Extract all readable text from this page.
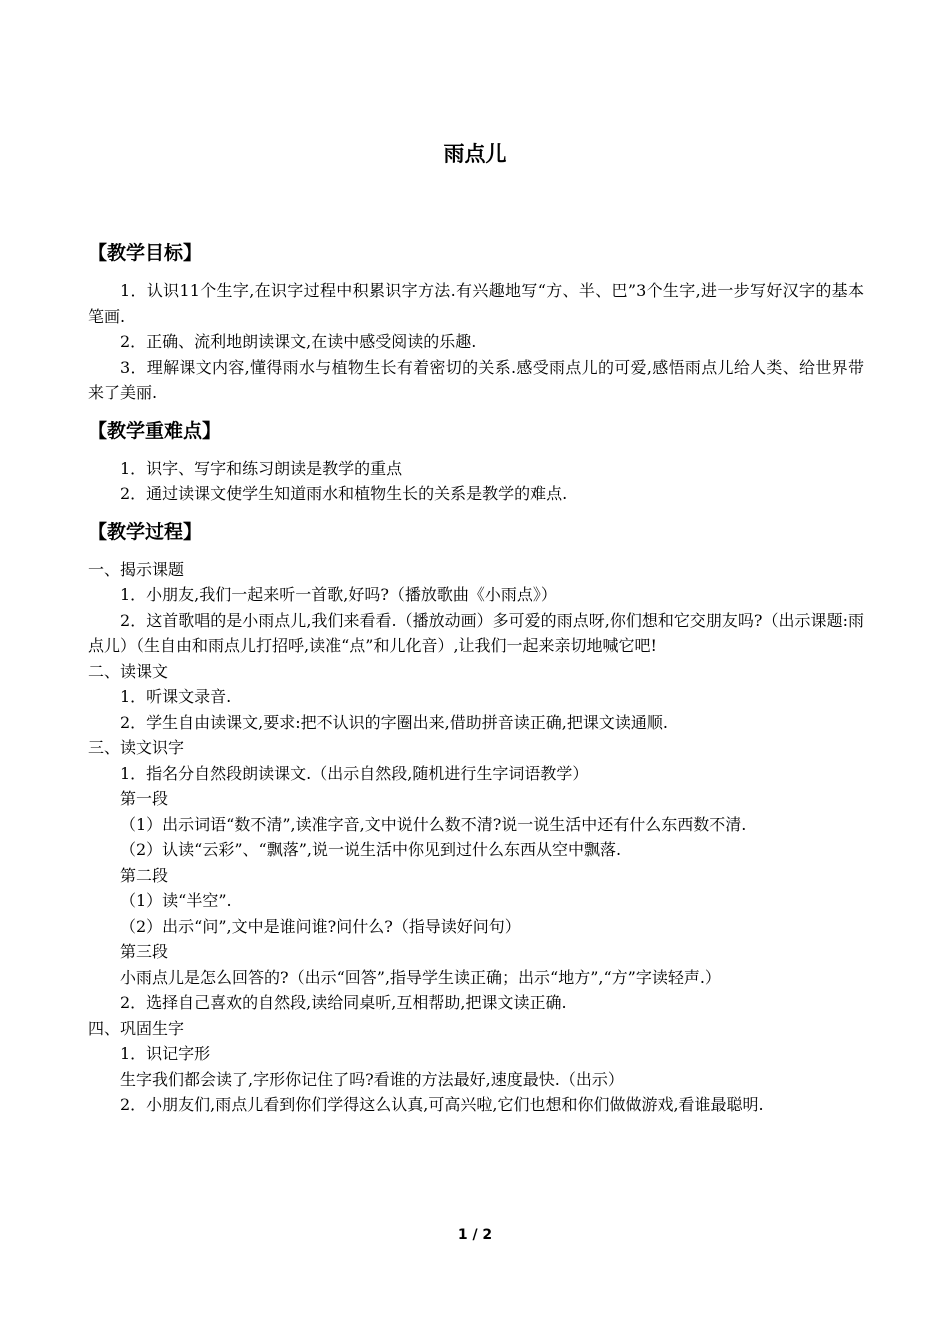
雨点儿
【教学目标】

1．认识11个生字,在识字过程中积累识字方法.有兴趣地写“方、半、巴”3个生字,进一步写好汉字的基本笔画.

2．正确、流利地朗读课文,在读中感受阅读的乐趣.

3．理解课文内容,懂得雨水与植物生长有着密切的关系.感受雨点儿的可爱,感悟雨点儿给人类、给世界带来了美丽.

【教学重难点】

1．识字、写字和练习朗读是教学的重点

2．通过读课文使学生知道雨水和植物生长的关系是教学的难点.

【教学过程】

一、揭示课题

1．小朋友,我们一起来听一首歌,好吗?（播放歌曲《小雨点》）

2．这首歌唱的是小雨点儿,我们来看看.（播放动画）多可爱的雨点呀,你们想和它交朋友吗?（出示课题:雨点儿）（生自由和雨点儿打招呼,读准“点”和儿化音）,让我们一起来亲切地喊它吧!

二、读课文

1．听课文录音.

2．学生自由读课文,要求:把不认识的字圈出来,借助拼音读正确,把课文读通顺.

三、读文识字

1．指名分自然段朗读课文.（出示自然段,随机进行生字词语教学）

第一段

（1）出示词语“数不清”,读准字音,文中说什么数不清?说一说生活中还有什么东西数不清.

（2）认读“云彩”、“飘落”,说一说生活中你见到过什么东西从空中飘落.

第二段

（1）读“半空”.

（2）出示“问”,文中是谁问谁?问什么?（指导读好问句）

第三段

小雨点儿是怎么回答的?（出示“回答”,指导学生读正确；出示“地方”,“方”字读轻声.）

2．选择自己喜欢的自然段,读给同桌听,互相帮助,把课文读正确.

四、巩固生字

1．识记字形

生字我们都会读了,字形你记住了吗?看谁的方法最好,速度最快.（出示）

2．小朋友们,雨点儿看到你们学得这么认真,可高兴啦,它们也想和你们做做游戏,看谁最聪明.

1 / 2
